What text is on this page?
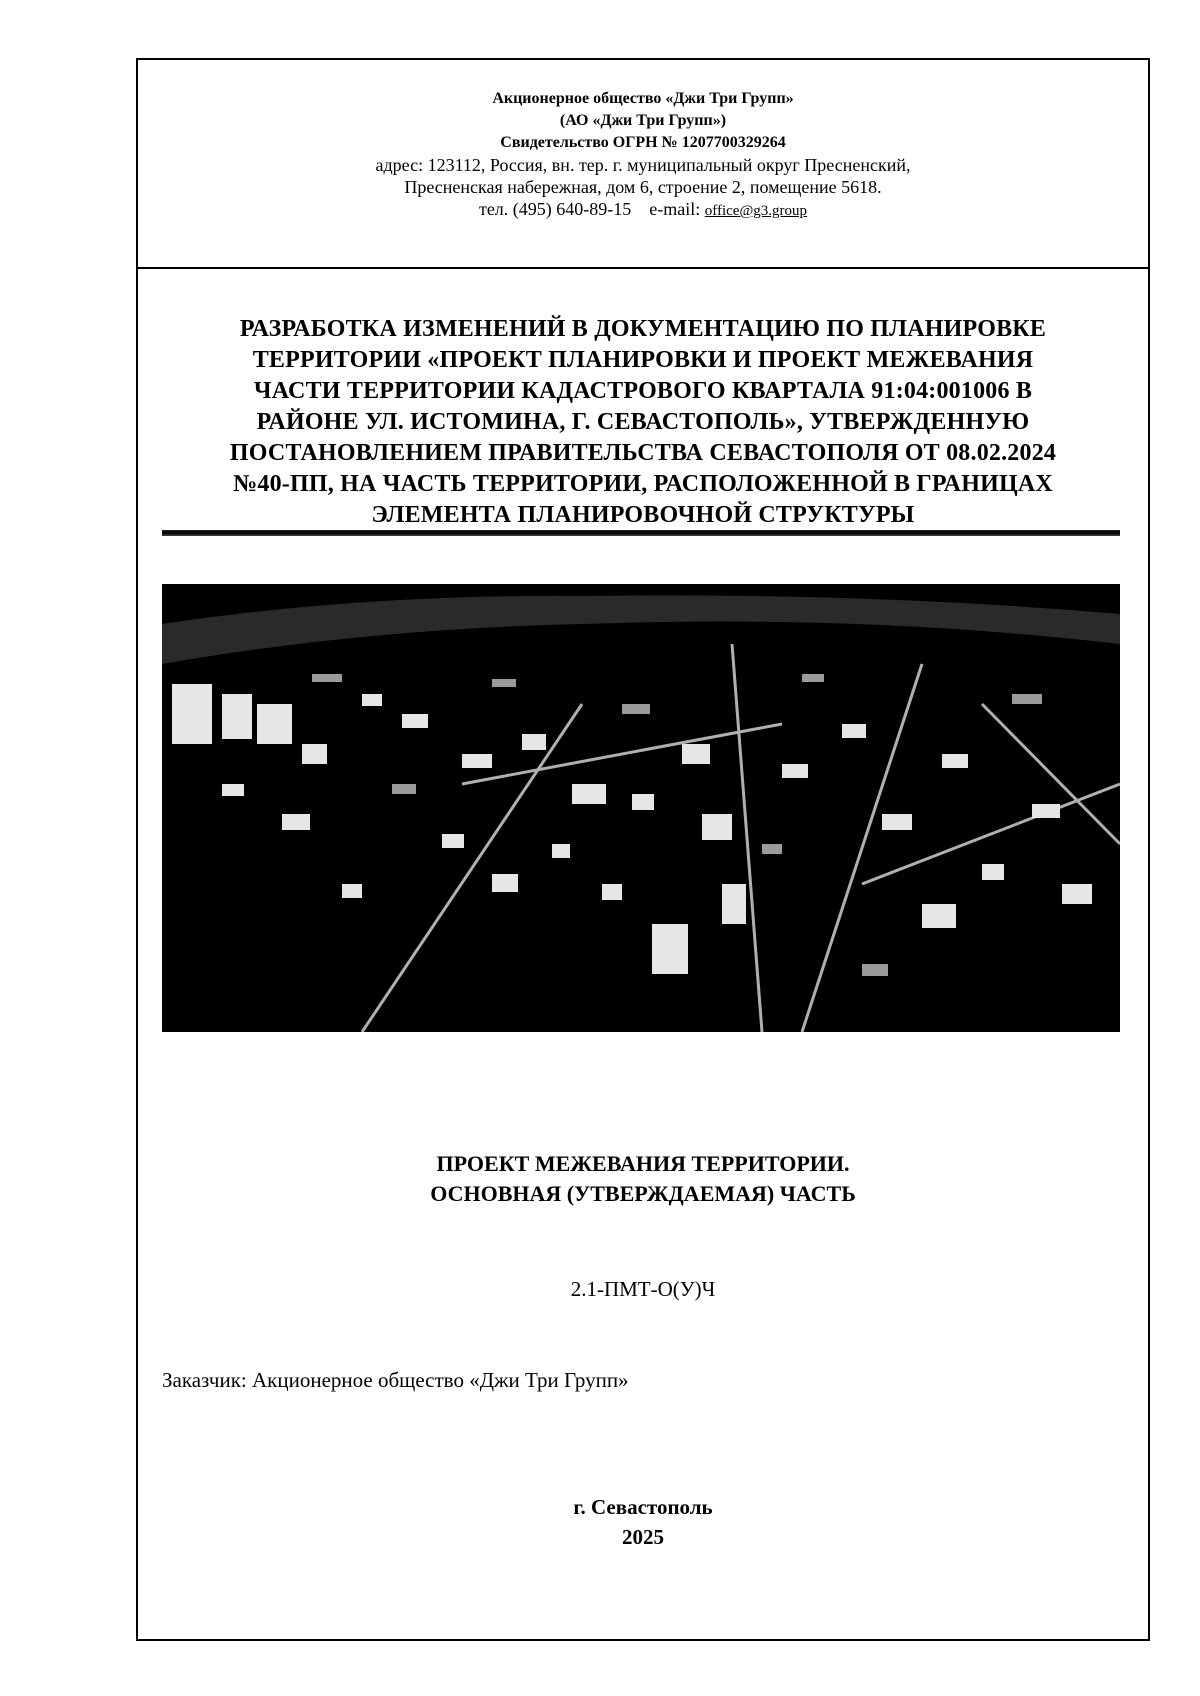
Акционерное общество «Джи Три Групп»
(АО «Джи Три Групп»)
Свидетельство ОГРН № 1207700329264
адрес: 123112, Россия, вн. тер. г. муниципальный округ Пресненский,
Пресненская набережная, дом 6, строение 2, помещение 5618.
тел. (495) 640-89-15 e-mail: office@g3.group
РАЗРАБОТКА ИЗМЕНЕНИЙ В ДОКУМЕНТАЦИЮ ПО ПЛАНИРОВКЕ
ТЕРРИТОРИИ «ПРОЕКТ ПЛАНИРОВКИ И ПРОЕКТ МЕЖЕВАНИЯ
ЧАСТИ ТЕРРИТОРИИ КАДАСТРОВОГО КВАРТАЛА 91:04:001006 В
РАЙОНЕ УЛ. ИСТОМИНА, Г. СЕВАСТОПОЛЬ», УТВЕРЖДЕННУЮ
ПОСТАНОВЛЕНИЕМ ПРАВИТЕЛЬСТВА СЕВАСТОПОЛЯ ОТ 08.02.2024
№40-ПП, НА ЧАСТЬ ТЕРРИТОРИИ, РАСПОЛОЖЕННОЙ В ГРАНИЦАХ
ЭЛЕМЕНТА ПЛАНИРОВОЧНОЙ СТРУКТУРЫ
ПРОЕКТ МЕЖЕВАНИЯ ТЕРРИТОРИИ.
ОСНОВНАЯ (УТВЕРЖДАЕМАЯ) ЧАСТЬ
2.1-ПМТ-О(У)Ч
Заказчик: Акционерное общество «Джи Три Групп»
г. Севастополь
2025
